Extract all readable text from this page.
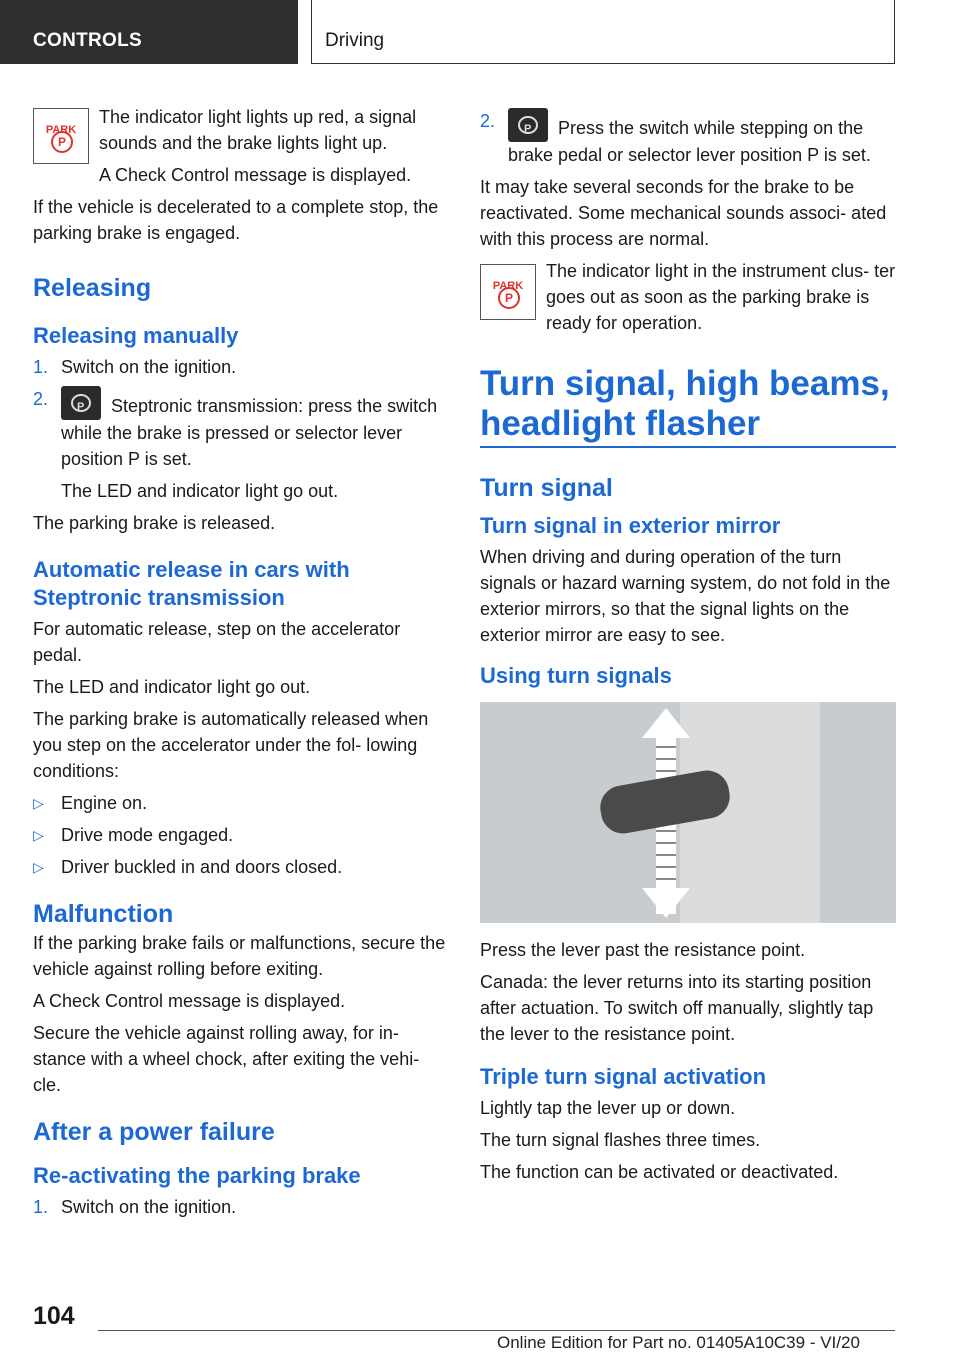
CONTROLS	Driving
PARK
P

The indicator light lights up red, a signal sounds and the brake lights light up.

A Check Control message is displayed.

If the vehicle is decelerated to a complete stop, the parking brake is engaged.

Releasing
Releasing manually
1. Switch on the ignition.
2. P	Steptronic transmission: press the switch while the brake is pressed or selector lever position P is set.

The LED and indicator light go out.

The parking brake is released.

Automatic release in cars with Steptronic transmission

For automatic release, step on the accelerator pedal.

The LED and indicator light go out.

The parking brake is automatically released when you step on the accelerator under the fol‐ lowing conditions:

▷ Engine on.
▷ Drive mode engaged.
▷ Driver buckled in and doors closed.
Malfunction

If the parking brake fails or malfunctions, secure the vehicle against rolling before exiting.

A Check Control message is displayed.

Secure the vehicle against rolling away, for in‐ stance with a wheel chock, after exiting the vehi‐ cle.

After a power failure
Re-activating the parking brake
1. Switch on the ignition.
2. P	Press the switch while stepping on the brake pedal or selector lever position P is set.

It may take several seconds for the brake to be reactivated. Some mechanical sounds associ‐ ated with this process are normal.

PARK
P

The indicator light in the instrument clus‐ ter goes out as soon as the parking brake is ready for operation.

Turn signal, high beams, headlight flasher
Turn signal
Turn signal in exterior mirror

When driving and during operation of the turn signals or hazard warning system, do not fold in the exterior mirrors, so that the signal lights on the exterior mirror are easy to see.

Using turn signals

Press the lever past the resistance point.

Canada: the lever returns into its starting position after actuation. To switch off manually, slightly tap the lever to the resistance point.

Triple turn signal activation

Lightly tap the lever up or down.

The turn signal flashes three times.

The function can be activated or deactivated.

104
Online Edition for Part no. 01405A10C39 - VI/20
